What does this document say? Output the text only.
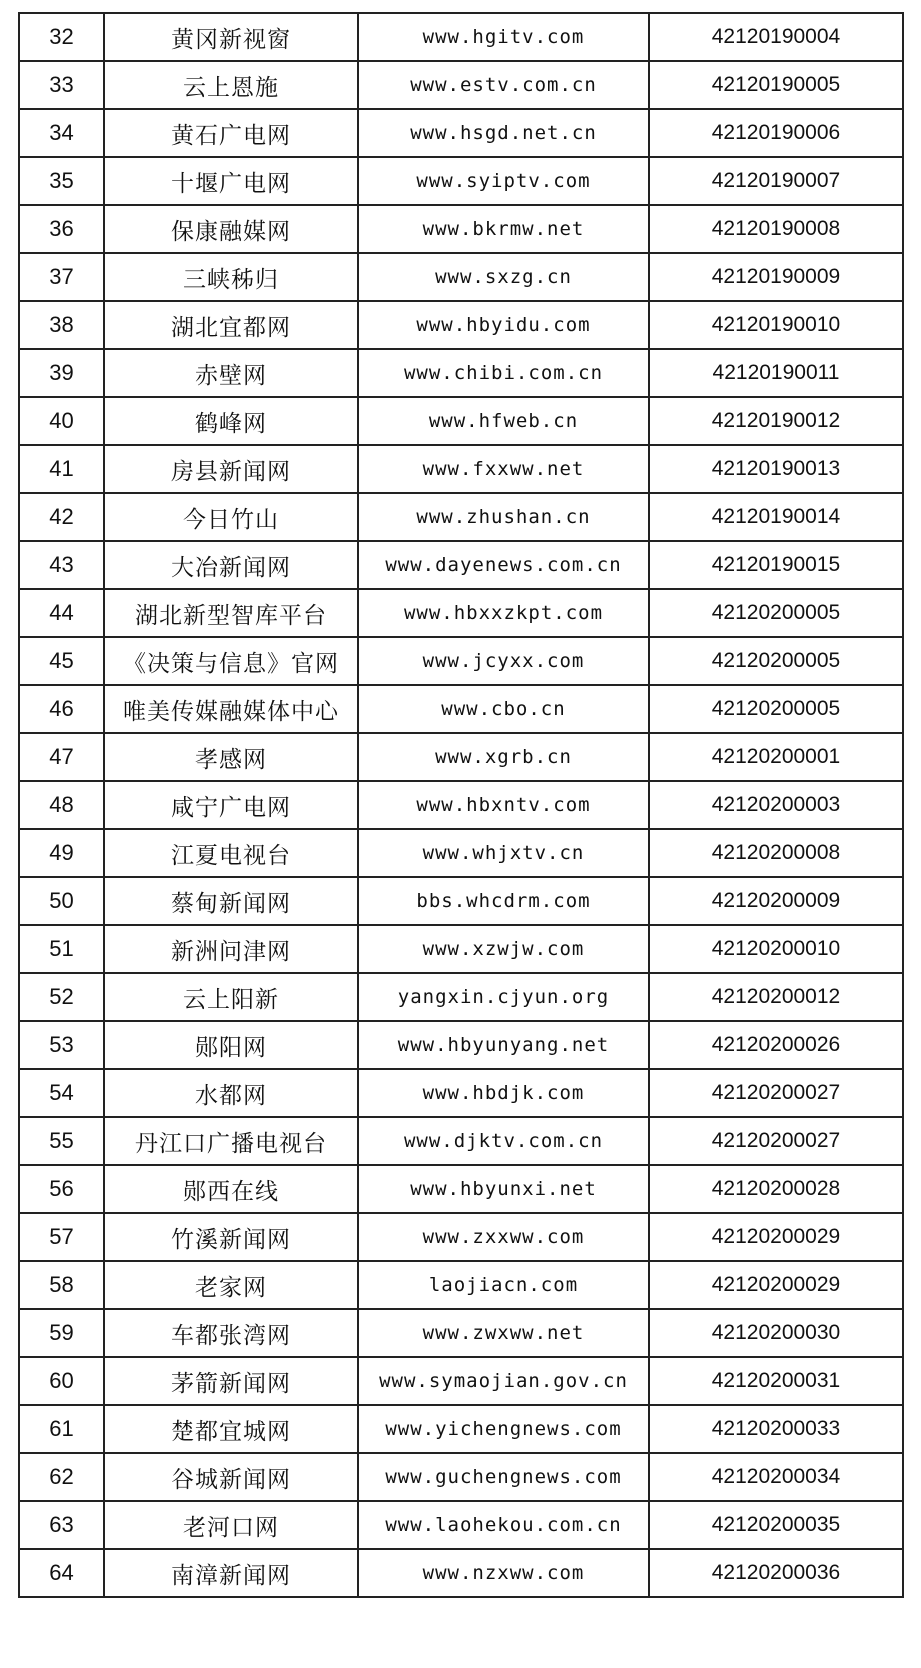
32	黄冈新视窗	www.hgitv.com	42120190004
33	云上恩施	www.estv.com.cn	42120190005
34	黄石广电网	www.hsgd.net.cn	42120190006
35	十堰广电网	www.syiptv.com	42120190007
36	保康融媒网	www.bkrmw.net	42120190008
37	三峡秭归	www.sxzg.cn	42120190009
38	湖北宜都网	www.hbyidu.com	42120190010
39	赤壁网	www.chibi.com.cn	42120190011
40	鹤峰网	www.hfweb.cn	42120190012
41	房县新闻网	www.fxxww.net	42120190013
42	今日竹山	www.zhushan.cn	42120190014
43	大冶新闻网	www.dayenews.com.cn	42120190015
44	湖北新型智库平台	www.hbxxzkpt.com	42120200005
45	《决策与信息》官网	www.jcyxx.com	42120200005
46	唯美传媒融媒体中心	www.cbo.cn	42120200005
47	孝感网	www.xgrb.cn	42120200001
48	咸宁广电网	www.hbxntv.com	42120200003
49	江夏电视台	www.whjxtv.cn	42120200008
50	蔡甸新闻网	bbs.whcdrm.com	42120200009
51	新洲问津网	www.xzwjw.com	42120200010
52	云上阳新	yangxin.cjyun.org	42120200012
53	郧阳网	www.hbyunyang.net	42120200026
54	水都网	www.hbdjk.com	42120200027
55	丹江口广播电视台	www.djktv.com.cn	42120200027
56	郧西在线	www.hbyunxi.net	42120200028
57	竹溪新闻网	www.zxxww.com	42120200029
58	老家网	laojiacn.com	42120200029
59	车都张湾网	www.zwxww.net	42120200030
60	茅箭新闻网	www.symaojian.gov.cn	42120200031
61	楚都宜城网	www.yichengnews.com	42120200033
62	谷城新闻网	www.guchengnews.com	42120200034
63	老河口网	www.laohekou.com.cn	42120200035
64	南漳新闻网	www.nzxww.com	42120200036
